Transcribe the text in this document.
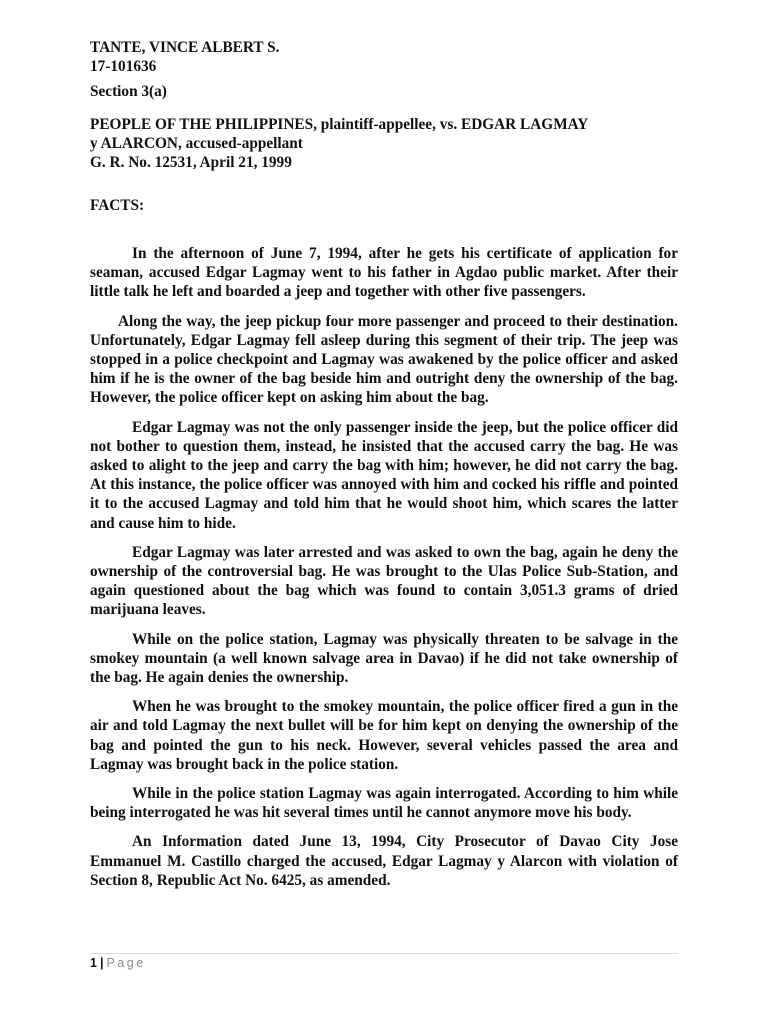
TANTE, VINCE ALBERT S.

17-101636

Section 3(a)

PEOPLE OF THE PHILIPPINES, plaintiff-appellee, vs. EDGAR LAGMAY
y ALARCON, accused-appellant
G. R. No. 12531, April 21, 1999

FACTS:

In the afternoon of June 7, 1994, after he gets his certificate of application for seaman, accused Edgar Lagmay went to his father in Agdao public market. After their little talk he left and boarded a jeep and together with other five passengers.

Along the way, the jeep pickup four more passenger and proceed to their destination. Unfortunately, Edgar Lagmay fell asleep during this segment of their trip. The jeep was stopped in a police checkpoint and Lagmay was awakened by the police officer and asked him if he is the owner of the bag beside him and outright deny the ownership of the bag. However, the police officer kept on asking him about the bag.

Edgar Lagmay was not the only passenger inside the jeep, but the police officer did not bother to question them, instead, he insisted that the accused carry the bag. He was asked to alight to the jeep and carry the bag with him; however, he did not carry the bag. At this instance, the police officer was annoyed with him and cocked his riffle and pointed it to the accused Lagmay and told him that he would shoot him, which scares the latter and cause him to hide.

Edgar Lagmay was later arrested and was asked to own the bag, again he deny the ownership of the controversial bag. He was brought to the Ulas Police Sub-Station, and again questioned about the bag which was found to contain 3,051.3 grams of dried marijuana leaves.

While on the police station, Lagmay was physically threaten to be salvage in the smokey mountain (a well known salvage area in Davao) if he did not take ownership of the bag. He again denies the ownership.

When he was brought to the smokey mountain, the police officer fired a gun in the air and told Lagmay the next bullet will be for him kept on denying the ownership of the bag and pointed the gun to his neck. However, several vehicles passed the area and Lagmay was brought back in the police station.

While in the police station Lagmay was again interrogated. According to him while being interrogated he was hit several times until he cannot anymore move his body.

An Information dated June 13, 1994, City Prosecutor of Davao City Jose Emmanuel M. Castillo charged the accused, Edgar Lagmay y Alarcon with violation of Section 8, Republic Act No. 6425, as amended.

1 | Page
